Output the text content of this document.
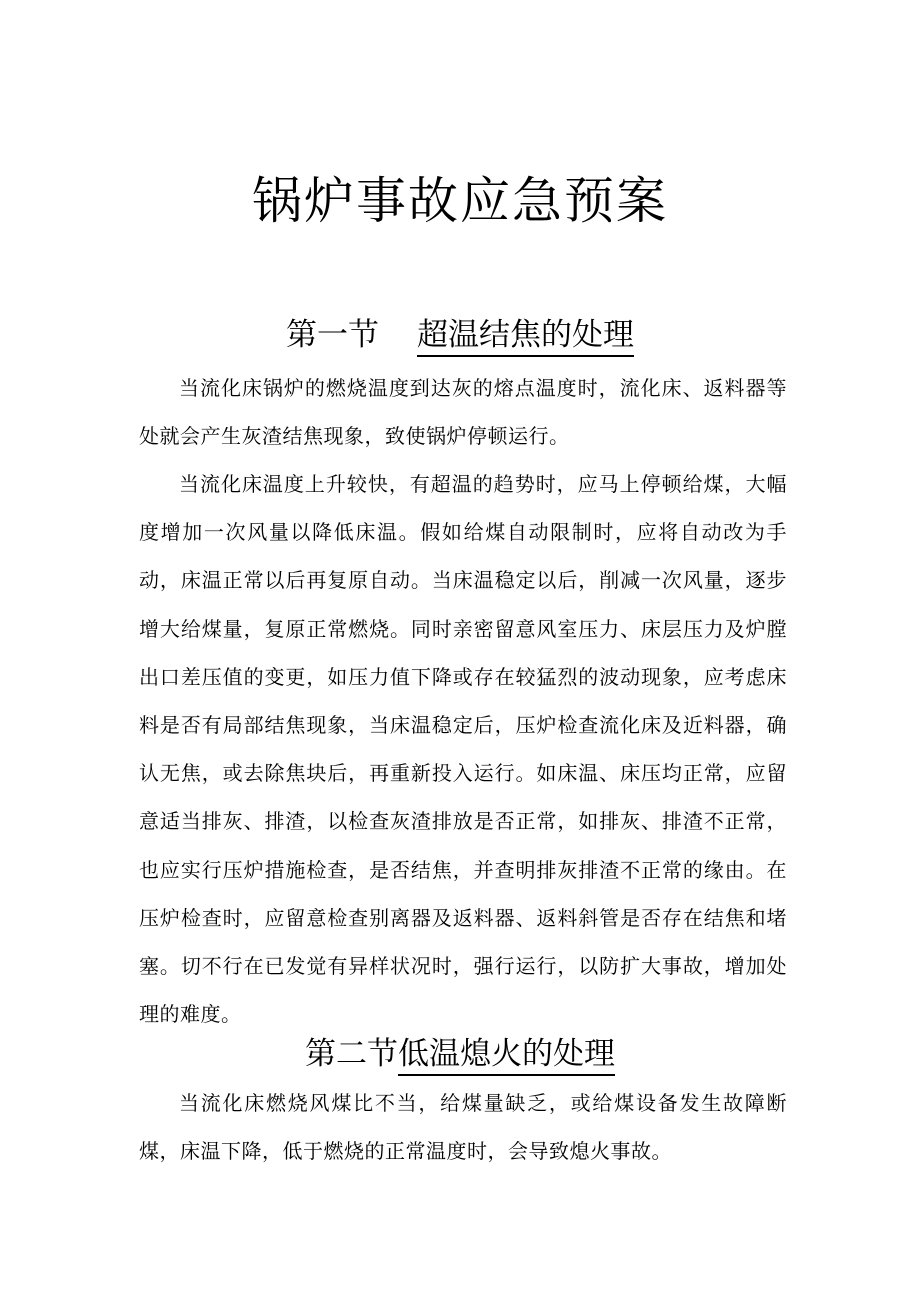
锅炉事故应急预案
第一节 超温结焦的处理

当流化床锅炉的燃烧温度到达灰的熔点温度时，流化床、返料器等处就会产生灰渣结焦现象，致使锅炉停顿运行。

当流化床温度上升较快，有超温的趋势时，应马上停顿给煤，大幅度增加一次风量以降低床温。假如给煤自动限制时，应将自动改为手动，床温正常以后再复原自动。当床温稳定以后，削减一次风量，逐步增大给煤量，复原正常燃烧。同时亲密留意风室压力、床层压力及炉膛出口差压值的变更，如压力值下降或存在较猛烈的波动现象，应考虑床料是否有局部结焦现象，当床温稳定后，压炉检查流化床及近料器，确认无焦，或去除焦块后，再重新投入运行。如床温、床压均正常，应留意适当排灰、排渣，以检查灰渣排放是否正常，如排灰、排渣不正常，也应实行压炉措施检查，是否结焦，并查明排灰排渣不正常的缘由。在压炉检查时，应留意检查别离器及返料器、返料斜管是否存在结焦和堵塞。切不行在已发觉有异样状况时，强行运行，以防扩大事故，增加处理的难度。

第二节低温熄火的处理

当流化床燃烧风煤比不当，给煤量缺乏，或给煤设备发生故障断煤，床温下降，低于燃烧的正常温度时，会导致熄火事故。
